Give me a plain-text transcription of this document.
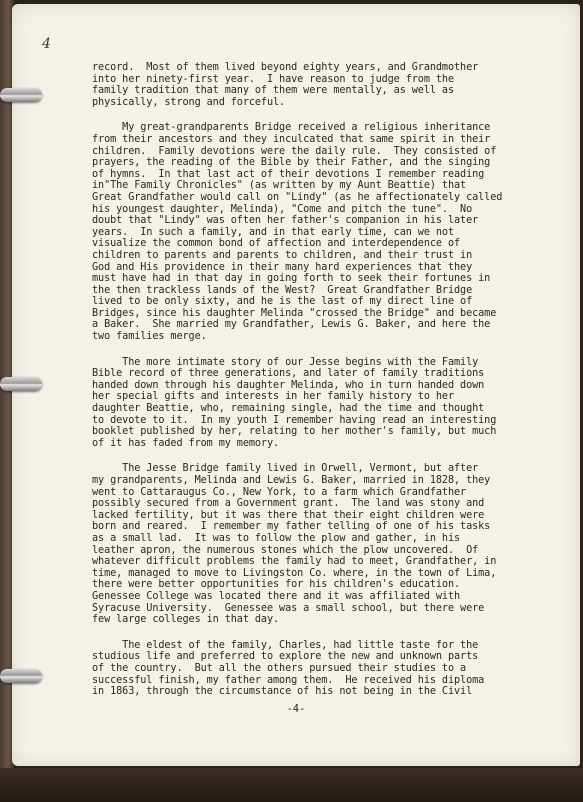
4
record.  Most of them lived beyond eighty years, and Grandmother
into her ninety-first year.  I have reason to judge from the
family tradition that many of them were mentally, as well as
physically, strong and forceful.
My great-grandparents Bridge received a religious inheritance
from their ancestors and they inculcated that same spirit in their
children.  Family devotions were the daily rule.  They consisted of
prayers, the reading of the Bible by their Father, and the singing
of hymns.  In that last act of their devotions I remember reading
in"The Family Chronicles" (as written by my Aunt Beattie) that
Great Grandfather would call on "Lindy" (as he affectionately called
his youngest daughter, Melinda), "Come and pitch the tune".  No
doubt that "Lindy" was often her father's companion in his later
years.  In such a family, and in that early time, can we not
visualize the common bond of affection and interdependence of
children to parents and parents to children, and their trust in
God and His providence in their many hard experiences that they
must have had in that day in going forth to seek their fortunes in
the then trackless lands of the West?  Great Grandfather Bridge
lived to be only sixty, and he is the last of my direct line of
Bridges, since his daughter Melinda "crossed the Bridge" and became
a Baker.  She married my Grandfather, Lewis G. Baker, and here the
two families merge.
The more intimate story of our Jesse begins with the Family
Bible record of three generations, and later of family traditions
handed down through his daughter Melinda, who in turn handed down
her special gifts and interests in her family history to her
daughter Beattie, who, remaining single, had the time and thought
to devote to it.  In my youth I remember having read an interesting
booklet published by her, relating to her mother's family, but much
of it has faded from my memory.
The Jesse Bridge family lived in Orwell, Vermont, but after
my grandparents, Melinda and Lewis G. Baker, married in 1828, they
went to Cattaraugus Co., New York, to a farm which Grandfather
possibly secured from a Government grant.  The land was stony and
lacked fertility, but it was there that their eight children were
born and reared.  I remember my father telling of one of his tasks
as a small lad.  It was to follow the plow and gather, in his
leather apron, the numerous stones which the plow uncovered.  Of
whatever difficult problems the family had to meet, Grandfather, in
time, managed to move to Livingston Co. where, in the town of Lima,
there were better opportunities for his children's education.
Genessee College was located there and it was affiliated with
Syracuse University.  Genessee was a small school, but there were
few large colleges in that day.
The eldest of the family, Charles, had little taste for the
studious life and preferred to explore the new and unknown parts
of the country.  But all the others pursued their studies to a
successful finish, my father among them.  He received his diploma
in 1863, through the circumstance of his not being in the Civil
-4-
